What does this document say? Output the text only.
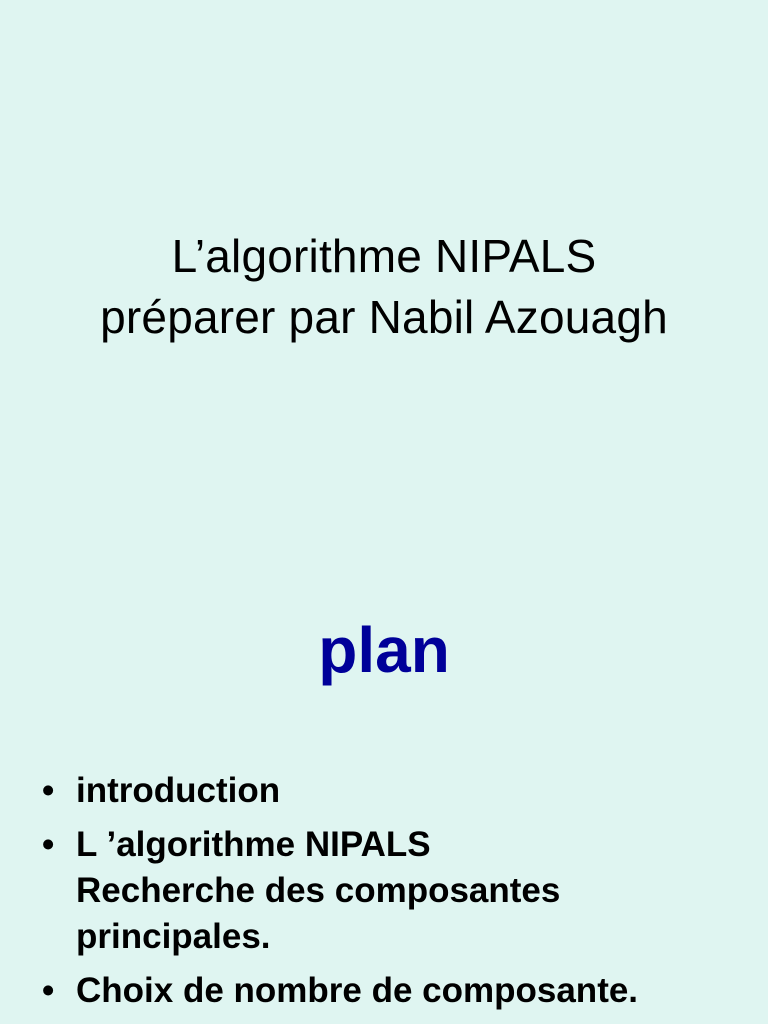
L’algorithme NIPALS
préparer par Nabil Azouagh
plan
• introduction
• L ’algorithme NIPALS
Recherche des composantes
principales.
• Choix de nombre de composante.
